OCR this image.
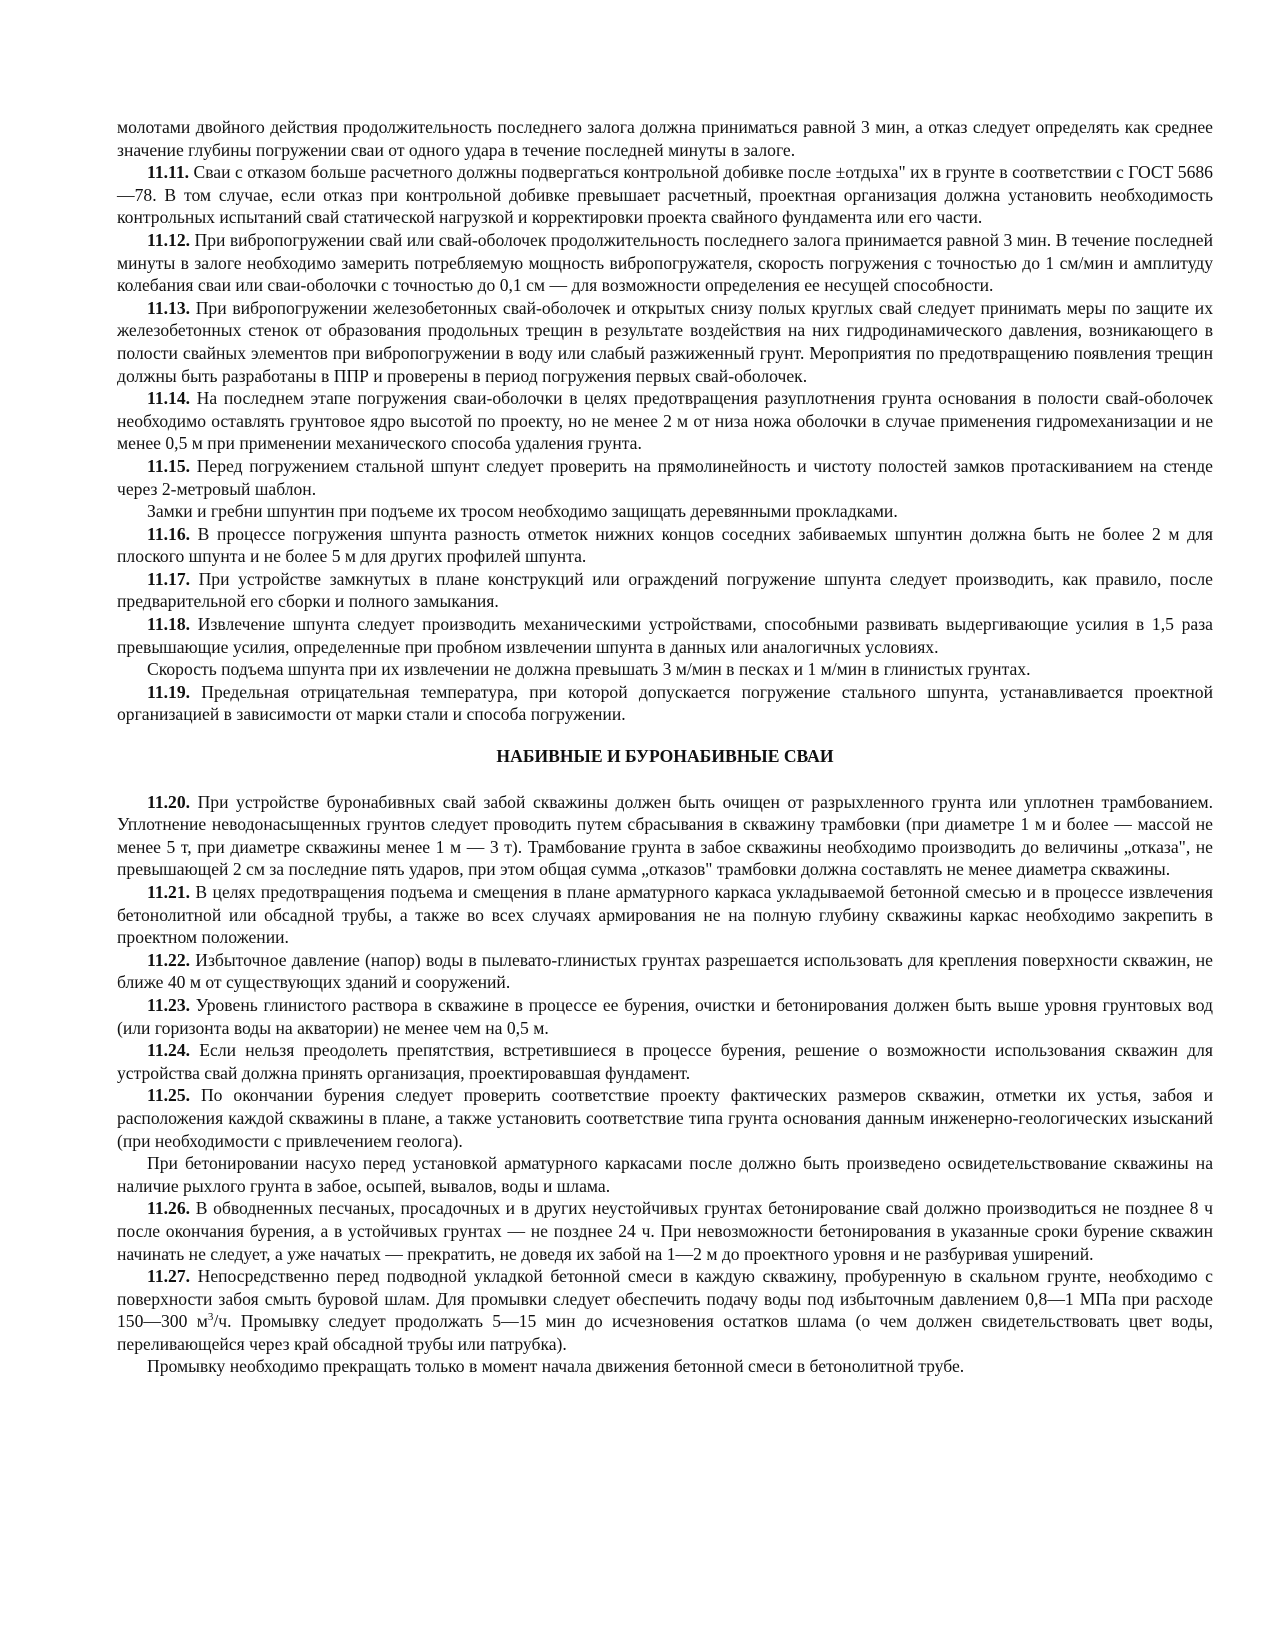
молотами двойного действия продолжительность последнего залога должна приниматься равной 3 мин, а отказ следует определять как среднее значение глубины погружении сваи от одного удара в течение последней минуты в залоге.

11.11. Сваи с отказом больше расчетного должны подвергаться контрольной добивке после ±отдыха" их в грунте в соответствии с ГОСТ 5686—78. В том случае, если отказ при контрольной добивке превышает расчетный, проектная организация должна установить необходимость контрольных испытаний свай статической нагрузкой и корректировки проекта свайного фундамента или его части.

11.12. При вибропогружении свай или свай-оболочек продолжительность последнего залога принимается равной 3 мин. В течение последней минуты в залоге необходимо замерить потребляемую мощность вибропогружателя, скорость погружения с точностью до 1 см/мин и амплитуду колебания сваи или сваи-оболочки с точностью до 0,1 см — для возможности определения ее несущей способности.

11.13. При вибропогружении железобетонных свай-оболочек и открытых снизу полых круглых свай следует принимать меры по защите их железобетонных стенок от образования продольных трещин в результате воздействия на них гидродинамического давления, возникающего в полости свайных элементов при вибропогружении в воду или слабый разжиженный грунт. Мероприятия по предотвращению появления трещин должны быть разработаны в ППР и проверены в период погружения первых свай-оболочек.

11.14. На последнем этапе погружения сваи-оболочки в целях предотвращения разуплотнения грунта основания в полости свай-оболочек необходимо оставлять грунтовое ядро высотой по проекту, но не менее 2 м от низа ножа оболочки в случае применения гидромеханизации и не менее 0,5 м при применении механического способа удаления грунта.

11.15. Перед погружением стальной шпунт следует проверить на прямолинейность и чистоту полостей замков протаскиванием на стенде через 2-метровый шаблон.

Замки и гребни шпунтин при подъеме их тросом необходимо защищать деревянными прокладками.

11.16. В процессе погружения шпунта разность отметок нижних концов соседних забиваемых шпунтин должна быть не более 2 м для плоского шпунта и не более 5 м для других профилей шпунта.

11.17. При устройстве замкнутых в плане конструкций или ограждений погружение шпунта следует производить, как правило, после предварительной его сборки и полного замыкания.

11.18. Извлечение шпунта следует производить механическими устройствами, способными развивать выдергивающие усилия в 1,5 раза превышающие усилия, определенные при пробном извлечении шпунта в данных или аналогичных условиях.

Скорость подъема шпунта при их извлечении не должна превышать 3 м/мин в песках и 1 м/мин в глинистых грунтах.

11.19. Предельная отрицательная температура, при которой допускается погружение стального шпунта, устанавливается проектной организацией в зависимости от марки стали и способа погружении.

НАБИВНЫЕ И БУРОНАБИВНЫЕ СВАИ

11.20. При устройстве буронабивных свай забой скважины должен быть очищен от разрыхленного грунта или уплотнен трамбованием. Уплотнение неводонасыщенных грунтов следует проводить путем сбрасывания в скважину трамбовки (при диаметре 1 м и более — массой не менее 5 т, при диаметре скважины менее 1 м — 3 т). Трамбование грунта в забое скважины необходимо производить до величины „отказа", не превышающей 2 см за последние пять ударов, при этом общая сумма „отказов" трамбовки должна составлять не менее диаметра скважины.

11.21. В целях предотвращения подъема и смещения в плане арматурного каркаса укладываемой бетонной смесью и в процессе извлечения бетонолитной или обсадной трубы, а также во всех случаях армирования не на полную глубину скважины каркас необходимо закрепить в проектном положении.

11.22. Избыточное давление (напор) воды в пылевато-глинистых грунтах разрешается использовать для крепления поверхности скважин, не ближе 40 м от существующих зданий и сооружений.

11.23. Уровень глинистого раствора в скважине в процессе ее бурения, очистки и бетонирования должен быть выше уровня грунтовых вод (или горизонта воды на акватории) не менее чем на 0,5 м.

11.24. Если нельзя преодолеть препятствия, встретившиеся в процессе бурения, решение о возможности использования скважин для устройства свай должна принять организация, проектировавшая фундамент.

11.25. По окончании бурения следует проверить соответствие проекту фактических размеров скважин, отметки их устья, забоя и расположения каждой скважины в плане, а также установить соответствие типа грунта основания данным инженерно-геологических изысканий (при необходимости с привлечением геолога).

При бетонировании насухо перед установкой арматурного каркасами после должно быть произведено освидетельствование скважины на наличие рыхлого грунта в забое, осыпей, вывалов, воды и шлама.

11.26. В обводненных песчаных, просадочных и в других неустойчивых грунтах бетонирование свай должно производиться не позднее 8 ч после окончания бурения, а в устойчивых грунтах — не позднее 24 ч. При невозможности бетонирования в указанные сроки бурение скважин начинать не следует, а уже начатых — прекратить, не доведя их забой на 1—2 м до проектного уровня и не разбуривая уширений.

11.27. Непосредственно перед подводной укладкой бетонной смеси в каждую скважину, пробуренную в скальном грунте, необходимо с поверхности забоя смыть буровой шлам. Для промывки следует обеспечить подачу воды под избыточным давлением 0,8—1 МПа при расходе 150—300 $м^3/ч$. Промывку следует продолжать 5—15 мин до исчезновения остатков шлама (о чем должен свидетельствовать цвет воды, переливающейся через край обсадной трубы или патрубка).

Промывку необходимо прекращать только в момент начала движения бетонной смеси в бетонолитной трубе.
